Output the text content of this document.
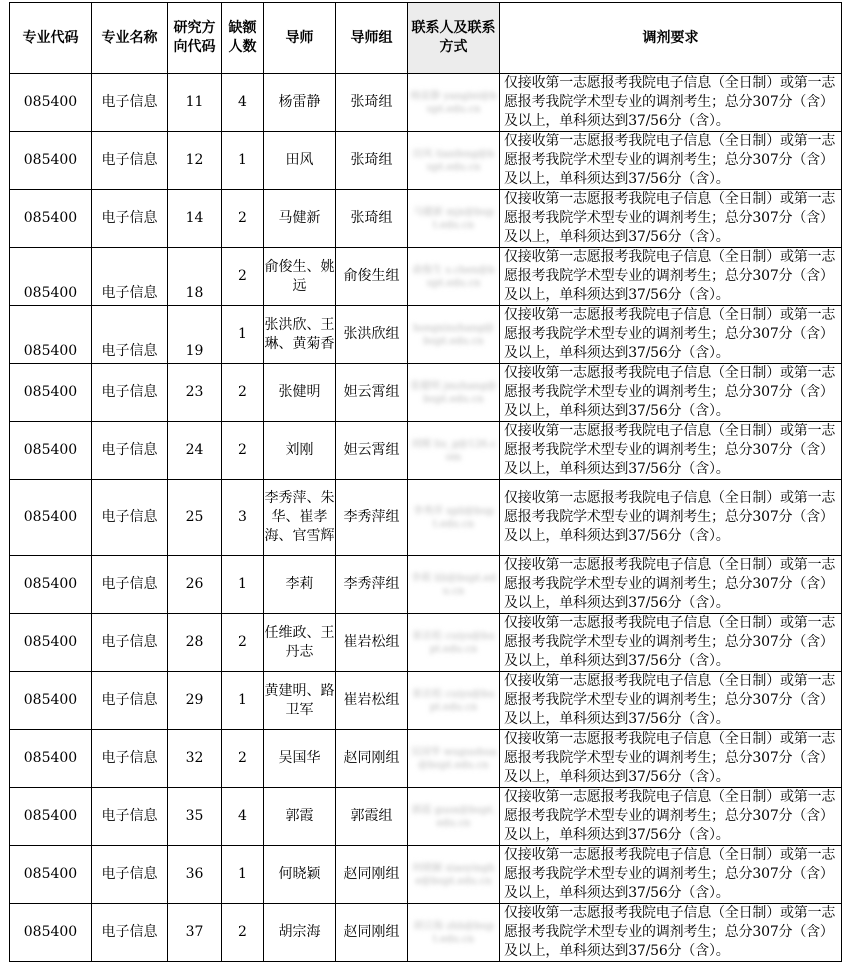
专业代码	专业名称	研究方向代码	缺额人数	导师	导师组	联系人及联系方式	调剂要求
085400	电子信息	11	4	杨雷静	张琦组	杨雷静 yanglei@bupt.edu.cn	仅接收第一志愿报考我院电子信息（全日制）或第一志愿报考我院学术型专业的调剂考生；总分307分（含）及以上，单科须达到37/56分（含）。
085400	电子信息	12	1	田风	张琦组	田风 tianfeng@bupt.edu.cn	仅接收第一志愿报考我院电子信息（全日制）或第一志愿报考我院学术型专业的调剂考生；总分307分（含）及以上，单科须达到37/56分（含）。
085400	电子信息	14	2	马健新	张琦组	马健新 mjx@bupt.edu.cn	仅接收第一志愿报考我院电子信息（全日制）或第一志愿报考我院学术型专业的调剂考生；总分307分（含）及以上，单科须达到37/56分（含）。
085400	电子信息	18	2	俞俊生、姚远	俞俊生组	俞俊生 s.chen@bupt.edu.cn	仅接收第一志愿报考我院电子信息（全日制）或第一志愿报考我院学术型专业的调剂考生；总分307分（含）及以上，单科须达到37/56分（含）。
085400	电子信息	19	1	张洪欣、王琳、黄菊香	张洪欣组	hongxinzhang@bupt.edu.cn	仅接收第一志愿报考我院电子信息（全日制）或第一志愿报考我院学术型专业的调剂考生；总分307分（含）及以上，单科须达到37/56分（含）。
085400	电子信息	23	2	张健明	妲云霄组	张健明 jmzhang@bupt.edu.cn	仅接收第一志愿报考我院电子信息（全日制）或第一志愿报考我院学术型专业的调剂考生；总分307分（含）及以上，单科须达到37/56分（含）。
085400	电子信息	24	2	刘刚	妲云霄组	刘刚 liu_g@126.com	仅接收第一志愿报考我院电子信息（全日制）或第一志愿报考我院学术型专业的调剂考生；总分307分（含）及以上，单科须达到37/56分（含）。
085400	电子信息	25	3	李秀萍、朱华、崔孝海、官雪辉	李秀萍组	李秀萍 xpli@bupt.edu.cn	仅接收第一志愿报考我院电子信息（全日制）或第一志愿报考我院学术型专业的调剂考生；总分307分（含）及以上，单科须达到37/56分（含）。
085400	电子信息	26	1	李莉	李秀萍组	李莉 lili@bupt.edu.cn	仅接收第一志愿报考我院电子信息（全日制）或第一志愿报考我院学术型专业的调剂考生；总分307分（含）及以上，单科须达到37/56分（含）。
085400	电子信息	28	2	任维政、王丹志	崔岩松组	崔岩松 cuiys@bupt.edu.cn	仅接收第一志愿报考我院电子信息（全日制）或第一志愿报考我院学术型专业的调剂考生；总分307分（含）及以上，单科须达到37/56分（含）。
085400	电子信息	29	1	黄建明、路卫军	崔岩松组	崔岩松 cuiys@bupt.edu.cn	仅接收第一志愿报考我院电子信息（全日制）或第一志愿报考我院学术型专业的调剂考生；总分307分（含）及以上，单科须达到37/56分（含）。
085400	电子信息	32	2	吴国华	赵同刚组	吴国华 wuguohua@bupt.edu.cn	仅接收第一志愿报考我院电子信息（全日制）或第一志愿报考我院学术型专业的调剂考生；总分307分（含）及以上，单科须达到37/56分（含）。
085400	电子信息	35	4	郭霞	郭霞组	郭霞 guox@bupt.edu.cn	仅接收第一志愿报考我院电子信息（全日制）或第一志愿报考我院学术型专业的调剂考生；总分307分（含）及以上，单科须达到37/56分（含）。
085400	电子信息	36	1	何晓颖	赵同刚组	何晓颖 xiaoyinghe@bupt.edu.cn	仅接收第一志愿报考我院电子信息（全日制）或第一志愿报考我院学术型专业的调剂考生；总分307分（含）及以上，单科须达到37/56分（含）。
085400	电子信息	37	2	胡宗海	赵同刚组	胡宗海 zhh@bupt.edu.cn	仅接收第一志愿报考我院电子信息（全日制）或第一志愿报考我院学术型专业的调剂考生；总分307分（含）及以上，单科须达到37/56分（含）。
